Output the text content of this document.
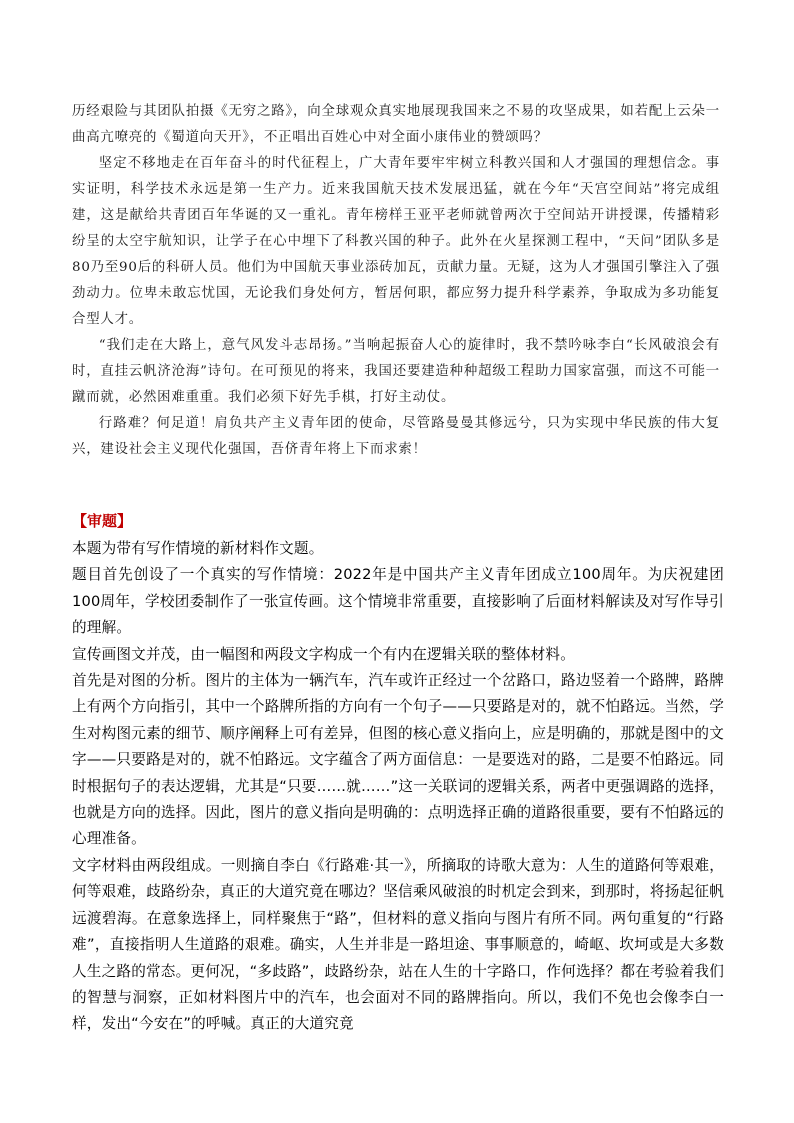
历经艰险与其团队拍摄《无穷之路》，向全球观众真实地展现我国来之不易的攻坚成果，如若配上云朵一曲高亢嘹亮的《蜀道向天开》，不正唱出百姓心中对全面小康伟业的赞颂吗？

坚定不移地走在百年奋斗的时代征程上，广大青年要牢牢树立科教兴国和人才强国的理想信念。事实证明，科学技术永远是第一生产力。近来我国航天技术发展迅猛，就在今年“天宫空间站”将完成组建，这是献给共青团百年华诞的又一重礼。青年榜样王亚平老师就曾两次于空间站开讲授课，传播精彩纷呈的太空宇航知识，让学子在心中埋下了科教兴国的种子。此外在火星探测工程中，“天问”团队多是80乃至90后的科研人员。他们为中国航天事业添砖加瓦，贡献力量。无疑，这为人才强国引擎注入了强劲动力。位卑未敢忘忧国，无论我们身处何方，暂居何职，都应努力提升科学素养，争取成为多功能复合型人才。

“我们走在大路上，意气风发斗志昂扬。”当响起振奋人心的旋律时，我不禁吟咏李白“长风破浪会有时，直挂云帆济沧海”诗句。在可预见的将来，我国还要建造种种超级工程助力国家富强，而这不可能一蹴而就，必然困难重重。我们必须下好先手棋，打好主动仗。

行路难？何足道！肩负共产主义青年团的使命，尽管路曼曼其修远兮，只为实现中华民族的伟大复兴，建设社会主义现代化强国，吾侪青年将上下而求索！

【审题】

本题为带有写作情境的新材料作文题。

题目首先创设了一个真实的写作情境：2022年是中国共产主义青年团成立100周年。为庆祝建团100周年，学校团委制作了一张宣传画。这个情境非常重要，直接影响了后面材料解读及对写作导引的理解。

宣传画图文并茂，由一幅图和两段文字构成一个有内在逻辑关联的整体材料。

首先是对图的分析。图片的主体为一辆汽车，汽车或许正经过一个岔路口，路边竖着一个路牌，路牌上有两个方向指引，其中一个路牌所指的方向有一个句子——只要路是对的，就不怕路远。当然，学生对构图元素的细节、顺序阐释上可有差异，但图的核心意义指向上，应是明确的，那就是图中的文字——只要路是对的，就不怕路远。文字蕴含了两方面信息：一是要选对的路，二是要不怕路远。同时根据句子的表达逻辑，尤其是“只要……就……”这一关联词的逻辑关系，两者中更强调路的选择，也就是方向的选择。因此，图片的意义指向是明确的：点明选择正确的道路很重要，要有不怕路远的心理准备。

文字材料由两段组成。一则摘自李白《行路难·其一》，所摘取的诗歌大意为：人生的道路何等艰难，何等艰难，歧路纷杂，真正的大道究竟在哪边？坚信乘风破浪的时机定会到来，到那时，将扬起征帆远渡碧海。在意象选择上，同样聚焦于“路”，但材料的意义指向与图片有所不同。两句重复的“行路难”，直接指明人生道路的艰难。确实，人生并非是一路坦途、事事顺意的，崎岖、坎坷或是大多数人生之路的常态。更何况，“多歧路”，歧路纷杂，站在人生的十字路口，作何选择？都在考验着我们的智慧与洞察，正如材料图片中的汽车，也会面对不同的路牌指向。所以，我们不免也会像李白一样，发出“今安在”的呼喊。真正的大道究竟
